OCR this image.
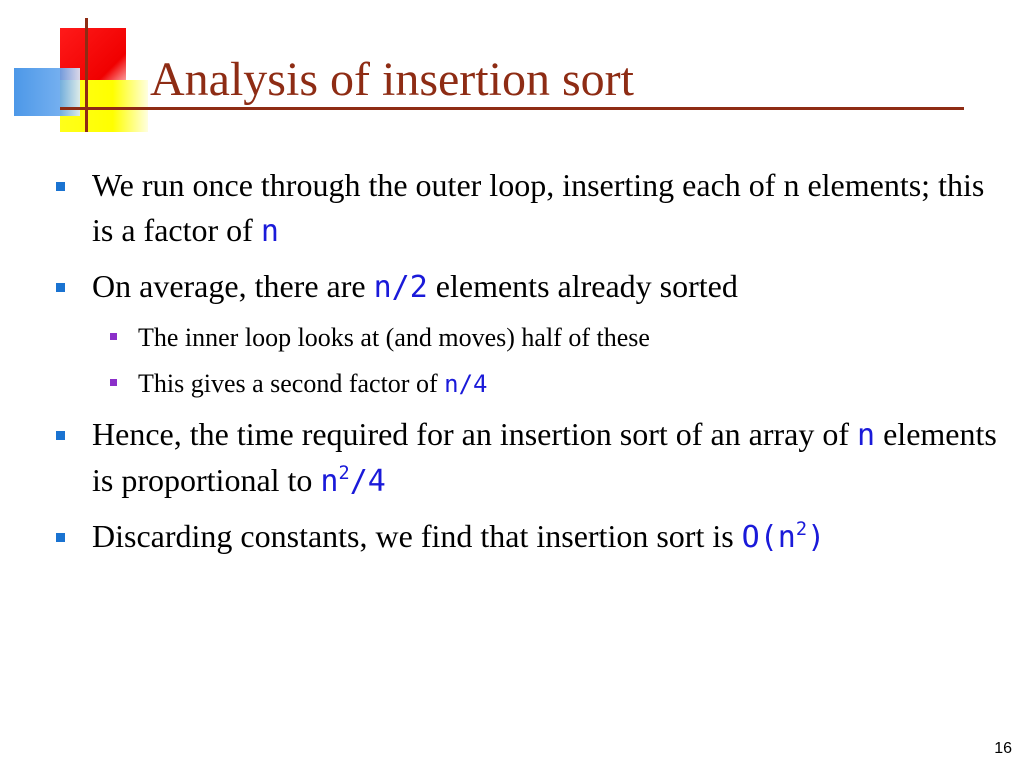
Analysis of insertion sort
We run once through the outer loop, inserting each of n elements; this is a factor of n
On average, there are n/2 elements already sorted
The inner loop looks at (and moves) half of these
This gives a second factor of n/4
Hence, the time required for an insertion sort of an array of n elements is proportional to $n^2/4$
Discarding constants, we find that insertion sort is $O(n^2)$
16
